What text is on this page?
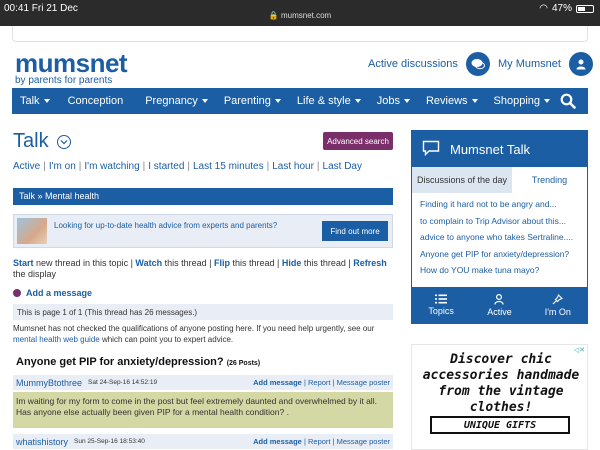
00:41 Fri 21 Dec
🔒 mumsnet.com
◠ 47%
mumsnet
by parents for parents
Active discussions	My Mumsnet
Talk	Conception Pregnancy Parenting Life & style Jobs Reviews Shopping
Talk	Advanced search
Active | I'm on | I'm watching | I started | Last 15 minutes | Last hour | Last Day
Talk » Mental health
Looking for up-to-date health advice from experts and parents?
Find out more
Start new thread in this topic | Watch this thread | Flip this thread | Hide this thread | Refresh the display
Add a message
This is page 1 of 1 (This thread has 26 messages.)
Mumsnet has not checked the qualifications of anyone posting here. If you need help urgently, see our mental health web guide which can point you to expert advice.
Anyone get PIP for anxiety/depression? (26 Posts)
MummyBtothree Sat 24-Sep-16 14:52:19	Add message | Report | Message poster
Im waiting for my form to come in the post but feel extremely daunted and overwhelmed by it all. Has anyone else actually been given PIP for a mental health condition? .
whatishistory Sun 25-Sep-16 18:53:40	Add message | Report | Message poster
Mumsnet Talk
Discussions of the day	Trending
Finding it hard not to be angry and...
to complain to Trip Advisor about this...
advice to anyone who takes Sertraline....
Anyone get PIP for anxiety/depression?
How do YOU make tuna mayo?
Topics	Active	I'm On
◁✕
Discover chic accessories handmade from the vintage clothes!
UNIQUE GIFTS
